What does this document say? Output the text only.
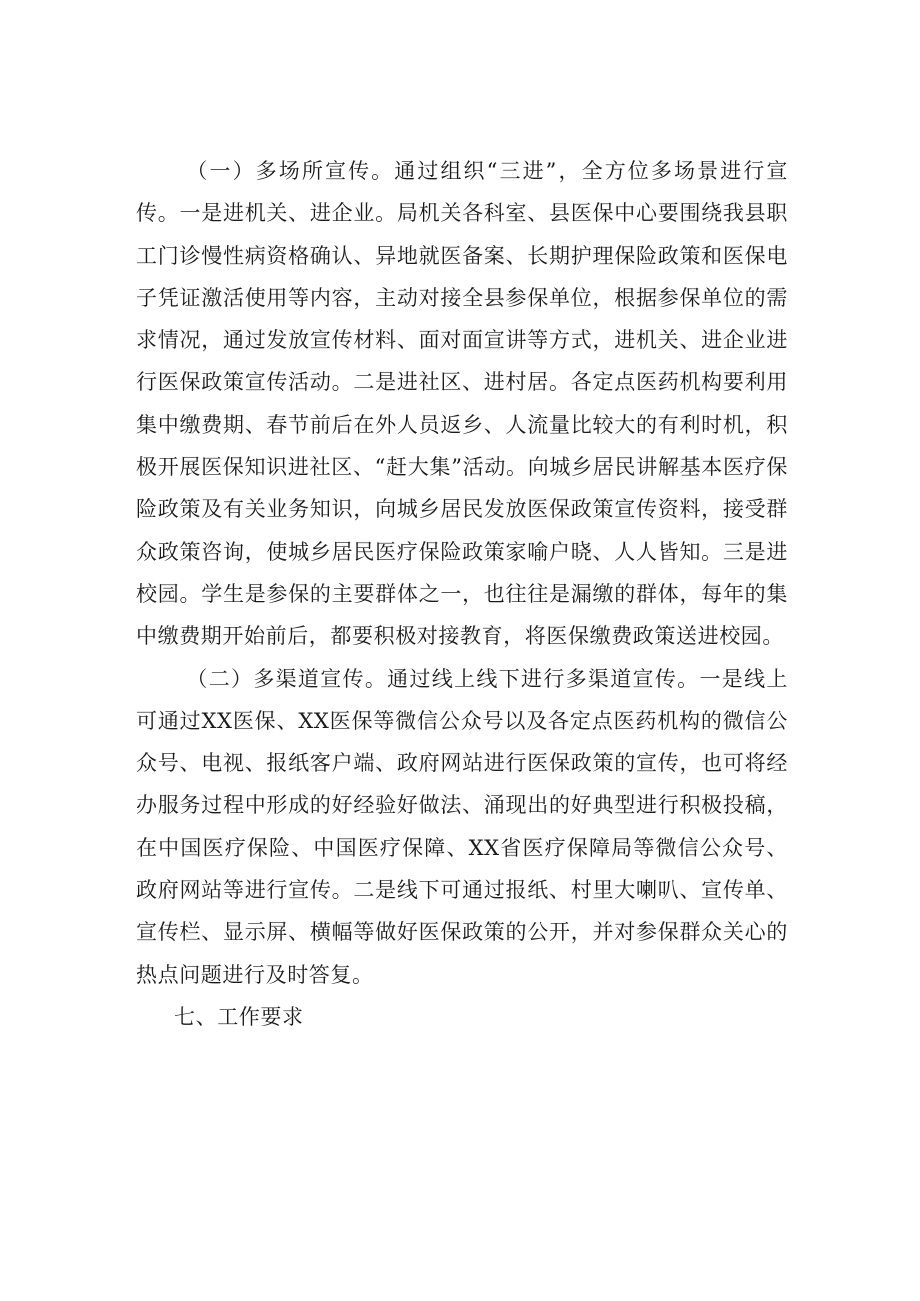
（一）多场所宣传。通过组织“三进”，全方位多场景进行宣传。一是进机关、进企业。局机关各科室、县医保中心要围绕我县职工门诊慢性病资格确认、异地就医备案、长期护理保险政策和医保电子凭证激活使用等内容，主动对接全县参保单位，根据参保单位的需求情况，通过发放宣传材料、面对面宣讲等方式，进机关、进企业进行医保政策宣传活动。二是进社区、进村居。各定点医药机构要利用集中缴费期、春节前后在外人员返乡、人流量比较大的有利时机，积极开展医保知识进社区、“赶大集”活动。向城乡居民讲解基本医疗保险政策及有关业务知识，向城乡居民发放医保政策宣传资料，接受群众政策咨询，使城乡居民医疗保险政策家喻户晓、人人皆知。三是进校园。学生是参保的主要群体之一，也往往是漏缴的群体，每年的集中缴费期开始前后，都要积极对接教育，将医保缴费政策送进校园。

（二）多渠道宣传。通过线上线下进行多渠道宣传。一是线上可通过XX医保、XX医保等微信公众号以及各定点医药机构的微信公众号、电视、报纸客户端、政府网站进行医保政策的宣传，也可将经办服务过程中形成的好经验好做法、涌现出的好典型进行积极投稿，在中国医疗保险、中国医疗保障、XX省医疗保障局等微信公众号、政府网站等进行宣传。二是线下可通过报纸、村里大喇叭、宣传单、宣传栏、显示屏、横幅等做好医保政策的公开，并对参保群众关心的热点问题进行及时答复。

七、工作要求
